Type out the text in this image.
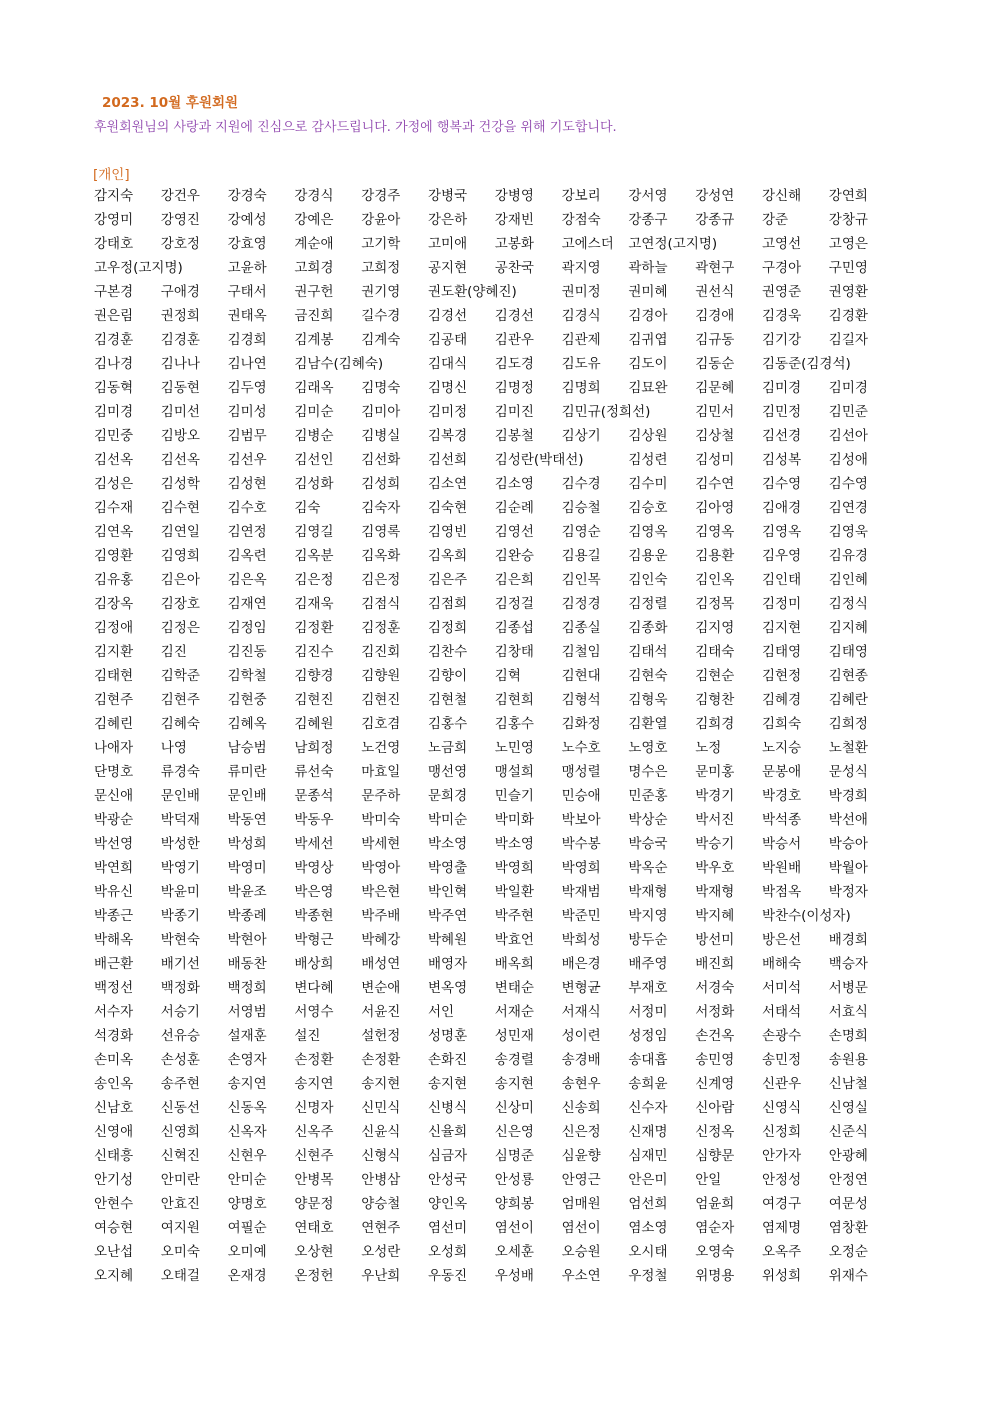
2023. 10월 후원회원
후원회원님의 사랑과 지원에 진심으로 감사드립니다. 가정에 행복과 건강을 위해 기도합니다.
[개인]
감지숙 강건우 강경숙 강경식 강경주 강병국 강병영 강보리 강서영 강성연 강신해 강연희
강영미 강영진 강예성 강예은 강윤아 강은하 강재빈 강점숙 강종구 강종규 강준	강창규
강태호 강호정 강효영 계순애 고기학 고미애 고봉화 고에스더 고연정(고지명)	고영선 고영은
고우정(고지명)	고윤하 고희경 고희정 공지현 공찬국 곽지영 곽하늘 곽현구 구경아 구민영
구본경 구애경 구태서 권구헌 권기영 권도환(양혜진)	권미정 권미혜 권선식 권영준 권영환
권은림 권정희 권태옥 금진희 길수경 김경선 김경선 김경식 김경아 김경애 김경욱 김경환
김경훈 김경훈 김경희 김계봉 김계숙 김공태 김관우 김관제 김귀엽 김규동 김기강 김길자
김나경 김나나 김나연 김남수(김혜숙)	김대식 김도경 김도유 김도이 김동순 김동준(김경석)
김동혁 김동현 김두영 김래옥 김명숙 김명신 김명정 김명희 김묘완 김문혜 김미경 김미경
김미경 김미선 김미성 김미순 김미아 김미정 김미진 김민규(정희선)	김민서 김민정 김민준
김민중 김방오 김범무 김병순 김병실 김복경 김봉철 김상기 김상원 김상철 김선경 김선아
김선옥 김선옥 김선우 김선인 김선화 김선희 김성란(박태선)	김성련 김성미 김성복 김성애
김성은 김성학 김성현 김성화 김성희 김소연 김소영 김수경 김수미 김수연 김수영 김수영
김수재 김수현 김수호 김숙	김숙자 김숙현 김순례 김승철 김승호 김아영 김애경 김연경
김연옥 김연일 김연정 김영길 김영록 김영빈 김영선 김영순 김영옥 김영옥 김영옥 김영욱
김영환 김영희 김옥련 김옥분 김옥화 김옥희 김완승 김용길 김용운 김용환 김우영 김유경
김유홍 김은아 김은옥 김은정 김은정 김은주 김은희 김인목 김인숙 김인옥 김인태 김인혜
김장옥 김장호 김재연 김재욱 김점식 김점희 김정걸 김정경 김정렬 김정목 김정미 김정식
김정애 김정은 김정임 김정환 김정훈 김정희 김종섭 김종실 김종화 김지영 김지현 김지혜
김지환 김진	김진동 김진수 김진회 김찬수 김창태 김철임 김태석 김태숙 김태영 김태영
김태현 김학준 김학철 김향경 김향원 김향이 김혁	김현대 김현숙 김현순 김현정 김현종
김현주 김현주 김현중 김현진 김현진 김현철 김현희 김형석 김형욱 김형찬 김혜경 김혜란
김혜린 김혜숙 김혜옥 김혜원 김호겸 김홍수 김홍수 김화정 김환열 김희경 김희숙 김희정
나애자 나영	남승범 남희정 노건영 노금희 노민영 노수호 노영호 노정	노지승 노철환
단명호 류경숙 류미란 류선숙 마효일 맹선영 맹설희 맹성렬 명수은 문미홍 문봉애 문성식
문신애 문인배 문인배 문종석 문주하 문희경 민슬기 민승애 민준홍 박경기 박경호 박경희
박광순 박덕재 박동연 박동우 박미숙 박미순 박미화 박보아 박상순 박서진 박석종 박선애
박선영 박성한 박성희 박세선 박세현 박소영 박소영 박수봉 박승국 박승기 박승서 박승아
박연희 박영기 박영미 박영상 박영아 박영출 박영희 박영희 박옥순 박우호 박원배 박월아
박유신 박윤미 박윤조 박은영 박은현 박인혁 박일환 박재범 박재형 박재형 박점옥 박정자
박종근 박종기 박종례 박종현 박주배 박주연 박주현 박준민 박지영 박지혜 박찬수(이성자)
박해옥 박현숙 박현아 박형근 박혜강 박혜원 박효언 박희성 방두순 방선미 방은선 배경희
배근환 배기선 배동찬 배상희 배성연 배영자 배옥희 배은경 배주영 배진희 배해숙 백승자
백정선 백정화 백정희 변다혜 변순애 변옥영 변태순 변형균 부재호 서경숙 서미석 서병문
서수자 서승기 서영범 서영수 서윤진 서인	서재순 서재식 서정미 서정화 서태석 서효식
석경화 선유승 설재훈 설진	설헌정 성명훈 성민재 성이련 성정임 손건옥 손광수 손명희
손미옥 손성훈 손영자 손정환 손정환 손화진 송경렬 송경배 송대흡 송민영 송민정 송원용
송인옥 송주현 송지연 송지연 송지현 송지현 송지현 송현우 송희윤 신계영 신관우 신남철
신남호 신동선 신동옥 신명자 신민식 신병식 신상미 신송희 신수자 신아람 신영식 신영실
신영애 신영희 신옥자 신옥주 신윤식 신율희 신은영 신은정 신재명 신정옥 신정희 신준식
신태흥 신혁진 신현우 신현주 신형식 심금자 심명준 심윤향 심재민 심향문 안가자 안광혜
안기성 안미란 안미순 안병목 안병삼 안성국 안성룡 안영근 안은미 안일	안정성 안정연
안현수 안효진 양명호 양문정 양승철 양인옥 양희봉 엄매원 엄선희 엄윤희 여경구 여문성
여승현 여지원 여필순 연태호 연현주 염선미 염선이 염선이 염소영 염순자 염제명 염창환
오난섭 오미숙 오미예 오상현 오성란 오성희 오세훈 오승원 오시태 오영숙 오옥주 오정순
오지혜 오태걸 온재경 온정헌 우난희 우동진 우성배 우소연 우정철 위명용 위성희 위재수
